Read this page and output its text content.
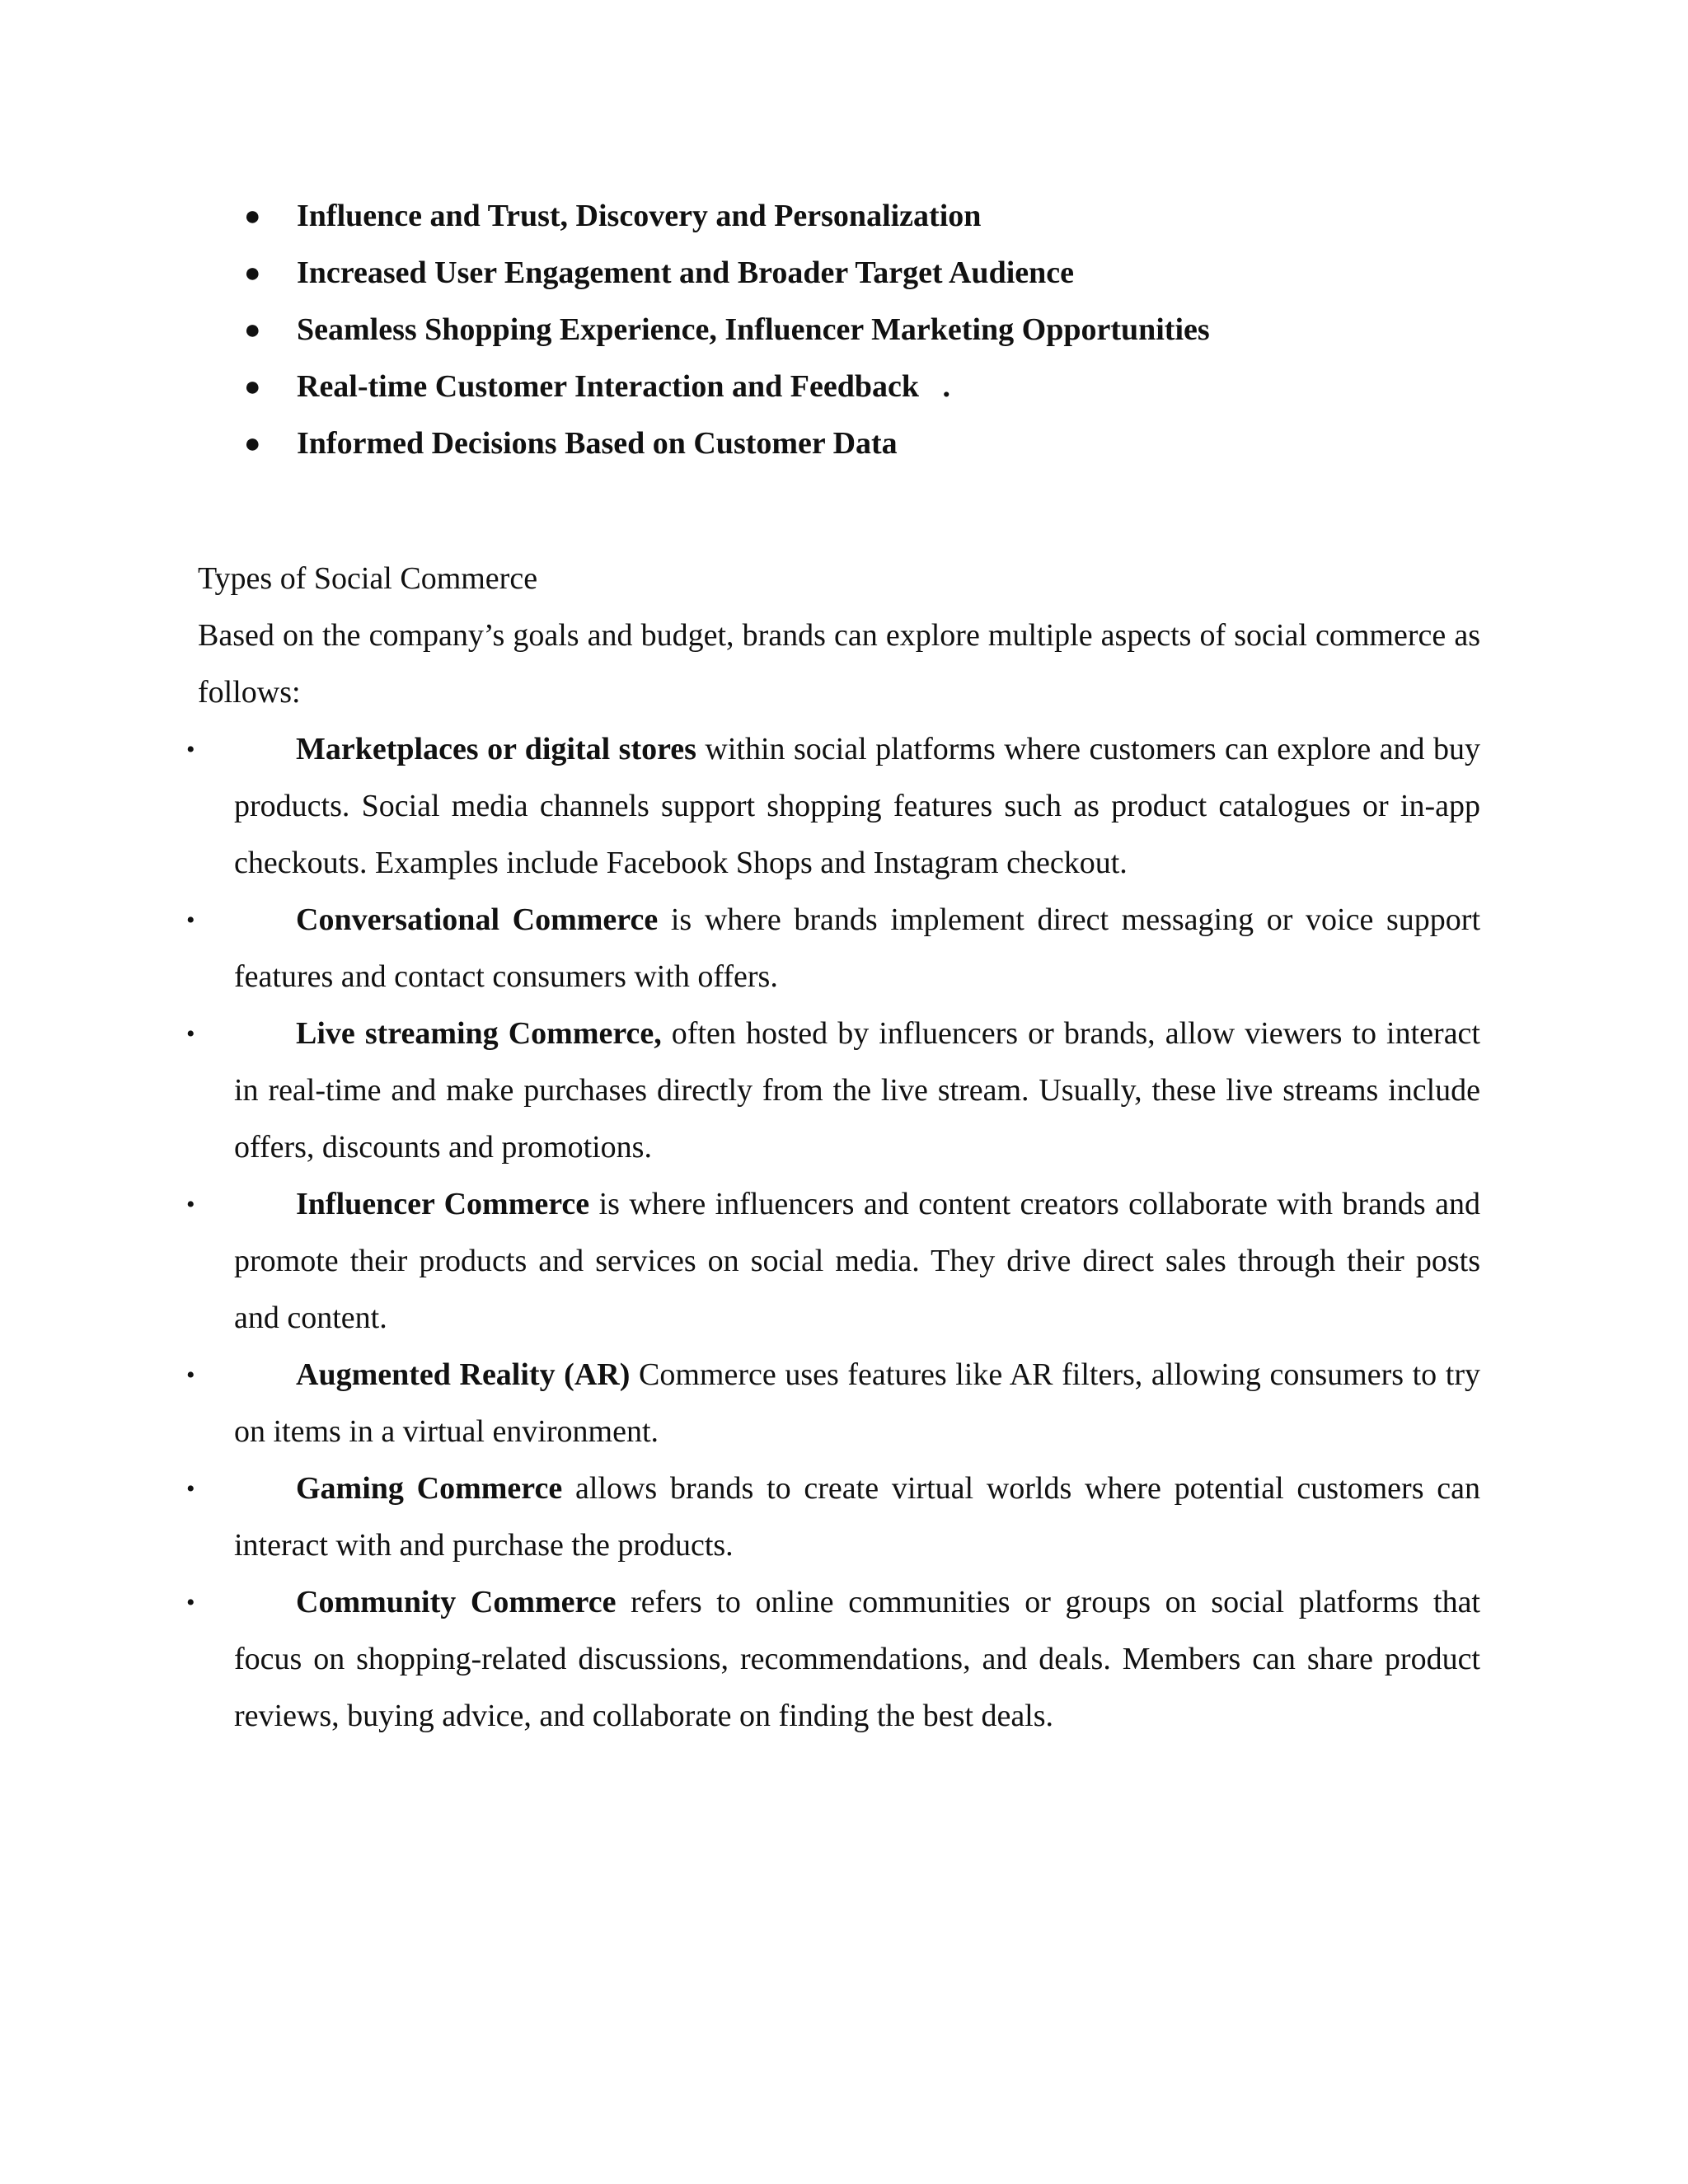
● Influence and Trust, Discovery and Personalization
● Increased User Engagement and Broader Target Audience
● Seamless Shopping Experience, Influencer Marketing Opportunities
● Real-time Customer Interaction and Feedback   .
● Informed Decisions Based on Customer Data
Types of Social Commerce

Based on the company’s goals and budget, brands can explore multiple aspects of social commerce as follows:

•	Marketplaces or digital stores within social platforms where customers can explore and buy products. Social media channels support shopping features such as product catalogues or in-app checkouts. Examples include Facebook Shops and Instagram checkout.
•	Conversational Commerce is where brands implement direct messaging or voice support features and contact consumers with offers.
•	Live streaming Commerce, often hosted by influencers or brands, allow viewers to interact in real-time and make purchases directly from the live stream. Usually, these live streams include offers, discounts and promotions.
•	Influencer Commerce is where influencers and content creators collaborate with brands and promote their products and services on social media. They drive direct sales through their posts and content.
•	Augmented Reality (AR) Commerce uses features like AR filters, allowing consumers to try on items in a virtual environment.
•	Gaming Commerce allows brands to create virtual worlds where potential customers can interact with and purchase the products.
•	Community Commerce refers to online communities or groups on social platforms that focus on shopping-related discussions, recommendations, and deals. Members can share product reviews, buying advice, and collaborate on finding the best deals.
